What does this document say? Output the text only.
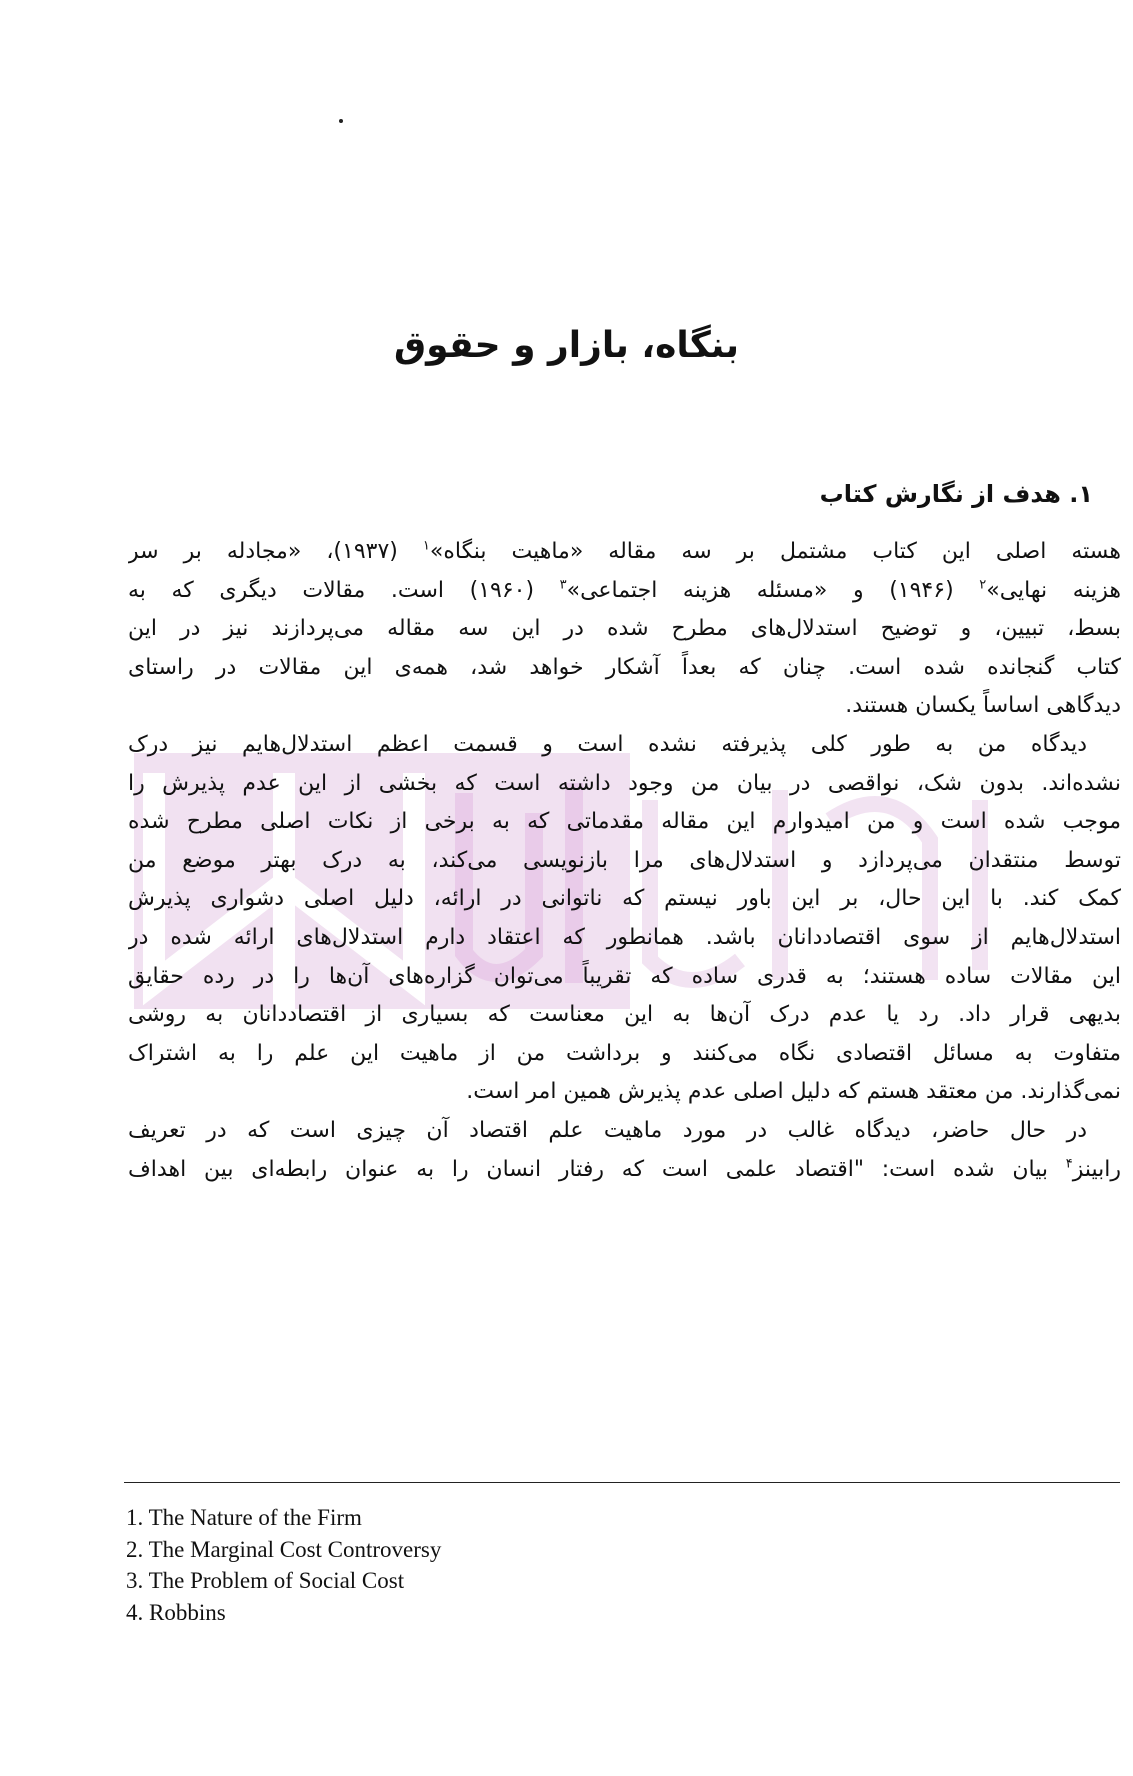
بنگاه، بازار و حقوق
۱. هدف از نگارش کتاب
هسته اصلی این کتاب مشتمل بر سه مقاله «ماهیت بنگاه»$^۱$ (۱۹۳۷)، «مجادله بر سر
هزینه نهایی»$^۲$ (۱۹۴۶) و «مسئله هزینه اجتماعی»$^۳$ (۱۹۶۰) است. مقالات دیگری که به
بسط، تبیین، و توضیح استدلال‌های مطرح شده در این سه مقاله می‌پردازند نیز در این
کتاب گنجانده شده است. چنان که بعداً آشکار خواهد شد، همه‌ی این مقالات در راستای
دیدگاهی اساساً یکسان هستند.
دیدگاه من به طور کلی پذیرفته نشده است و قسمت اعظم استدلال‌هایم نیز درک
نشده‌اند. بدون شک، نواقصی در بیان من وجود داشته است که بخشی از این عدم پذیرش را
موجب شده است و من امیدوارم این مقاله مقدماتی که به برخی از نکات اصلی مطرح شده
توسط منتقدان می‌پردازد و استدلال‌های مرا بازنویسی می‌کند، به درک بهتر موضع من
کمک کند. با این حال، بر این باور نیستم که ناتوانی در ارائه، دلیل اصلی دشواری پذیرش
استدلال‌هایم از سوی اقتصاددانان باشد. همانطور که اعتقاد دارم استدلال‌های ارائه شده در
این مقالات ساده هستند؛ به قدری ساده که تقریباً می‌توان گزاره‌های آن‌ها را در رده حقایق
بدیهی قرار داد. رد یا عدم درک آن‌ها به این معناست که بسیاری از اقتصاددانان به روشی
متفاوت به مسائل اقتصادی نگاه می‌کنند و برداشت من از ماهیت این علم را به اشتراک
نمی‌گذارند. من معتقد هستم که دلیل اصلی عدم پذیرش همین امر است.
در حال حاضر، دیدگاه غالب در مورد ماهیت علم اقتصاد آن چیزی است که در تعریف
رابینز$^۴$ بیان شده است: "اقتصاد علمی است که رفتار انسان را به عنوان رابطه‌ای بین اهداف
1. The Nature of the Firm
2. The Marginal Cost Controversy
3. The Problem of Social Cost
4. Robbins
